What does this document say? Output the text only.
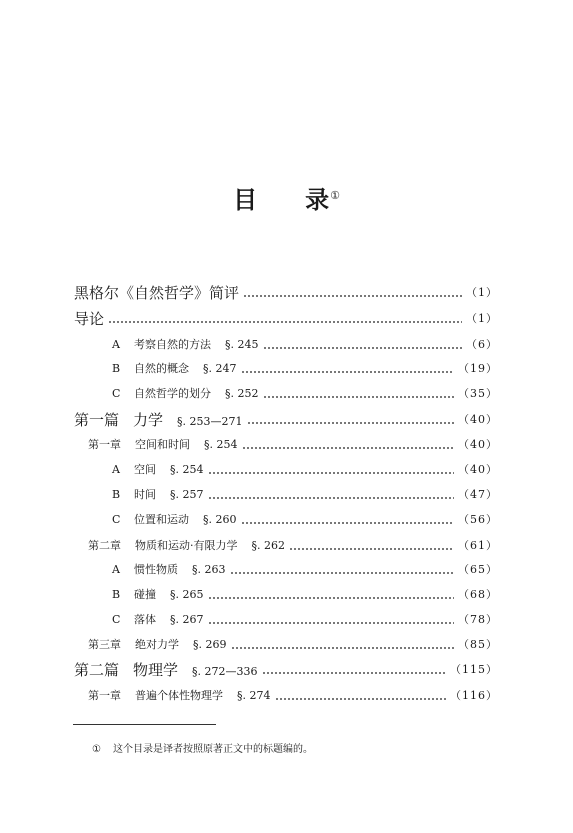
目 录①
黑格尔《自然哲学》简评	（1）
导论	（1）
A 考察自然的方法 §. 245	（6）
B 自然的概念 §. 247	（19）
C 自然哲学的划分 §. 252	（35）
第一篇 力学 §. 253—271	（40）
第一章 空间和时间 §. 254	（40）
A 空间 §. 254	（40）
B 时间 §. 257	（47）
C 位置和运动 §. 260	（56）
第二章 物质和运动·有限力学 §. 262	（61）
A 惯性物质 §. 263	（65）
B 碰撞 §. 265	（68）
C 落体 §. 267	（78）
第三章 绝对力学 §. 269	（85）
第二篇 物理学 §. 272—336	（115）
第一章 普遍个体性物理学 §. 274	（116）
① 这个目录是译者按照原著正文中的标题编的。
